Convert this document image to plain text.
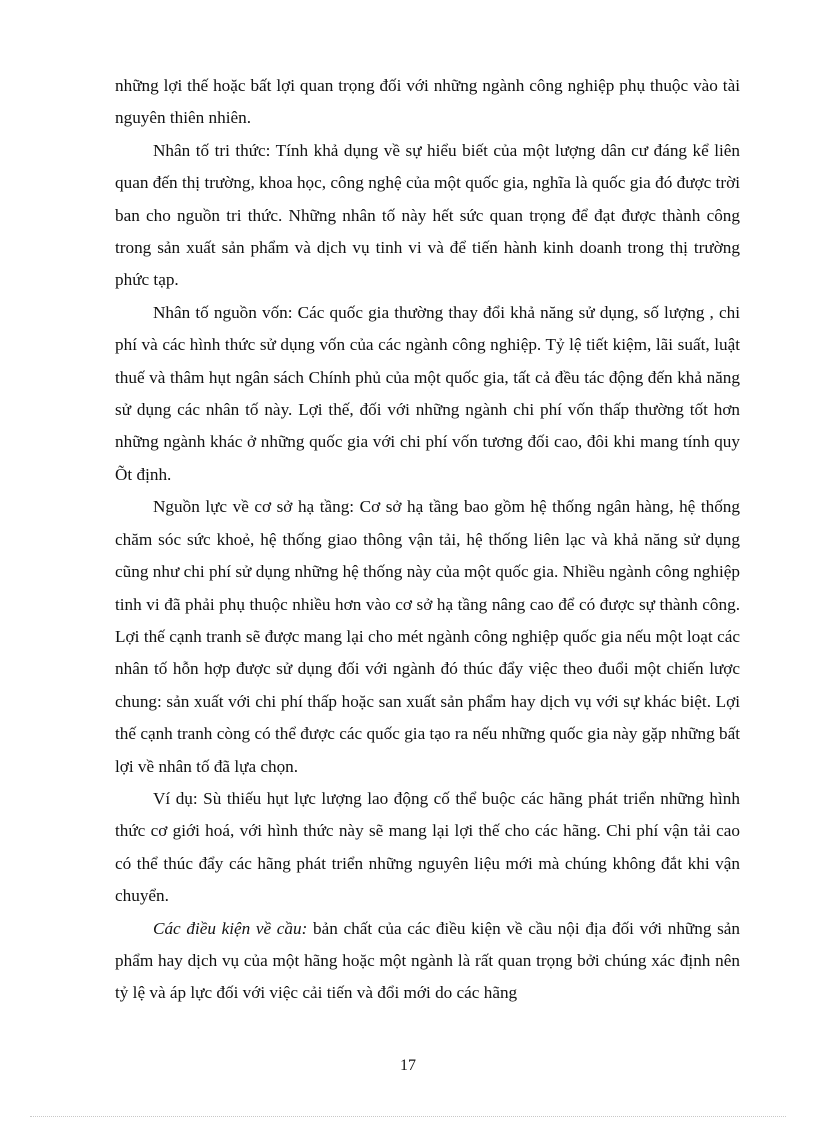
những lợi thế hoặc bất lợi quan trọng đối với những ngành công nghiệp phụ thuộc vào tài nguyên thiên nhiên.

Nhân tố tri thức: Tính khả dụng về sự hiểu biết của một lượng dân cư đáng kể liên quan đến thị trường, khoa học, công nghệ của một quốc gia, nghĩa là quốc gia đó được trời ban cho nguồn tri thức. Những nhân tố này hết sức quan trọng để đạt được thành công trong sản xuất sản phẩm và dịch vụ tinh vi và để tiến hành kinh doanh trong thị trường phức tạp.

Nhân tố nguồn vốn: Các quốc gia thường thay đổi khả năng sử dụng, số lượng , chi phí và các hình thức sử dụng vốn của các ngành công nghiệp. Tỷ lệ tiết kiệm, lãi suất, luật thuế và thâm hụt ngân sách Chính phủ của một quốc gia, tất cả đều tác động đến khả năng sử dụng các nhân tố này. Lợi thế, đối với những ngành chi phí vốn thấp thường tốt hơn những ngành khác ở những quốc gia với chi phí vốn tương đối cao, đôi khi mang tính quy Õt định.

Nguồn lực về cơ sở hạ tầng: Cơ sở hạ tầng bao gồm hệ thống ngân hàng, hệ thống chăm sóc sức khoẻ, hệ thống giao thông vận tải, hệ thống liên lạc và khả năng sử dụng cũng như chi phí sử dụng những hệ thống này của một quốc gia. Nhiều ngành công nghiệp tinh vi đã phải phụ thuộc nhiều hơn vào cơ sở hạ tầng nâng cao để có được sự thành công. Lợi thế cạnh tranh sẽ được mang lại cho mét ngành công nghiệp quốc gia nếu một loạt các nhân tố hỗn hợp được sử dụng đối với ngành đó thúc đẩy việc theo đuổi một chiến lược chung: sản xuất với chi phí thấp hoặc san xuất sản phẩm hay dịch vụ với sự khác biệt. Lợi thế cạnh tranh còng có thể được các quốc gia tạo ra nếu những quốc gia này gặp những bất lợi về nhân tố đã lựa chọn.

Ví dụ: Sù thiếu hụt lực lượng lao động cố thể buộc các hãng phát triển những hình thức cơ giới hoá, với hình thức này sẽ mang lại lợi thế cho các hãng. Chi phí vận tải cao có thể thúc đẩy các hãng phát triển những nguyên liệu mới mà chúng không đắt khi vận chuyển.

Các điều kiện về cầu: bản chất của các điều kiện về cầu nội địa đối với những sản phẩm hay dịch vụ của một hãng hoặc một ngành là rất quan trọng bởi chúng xác định nên tỷ lệ và áp lực đối với việc cải tiến và đổi mới do các hãng

17
